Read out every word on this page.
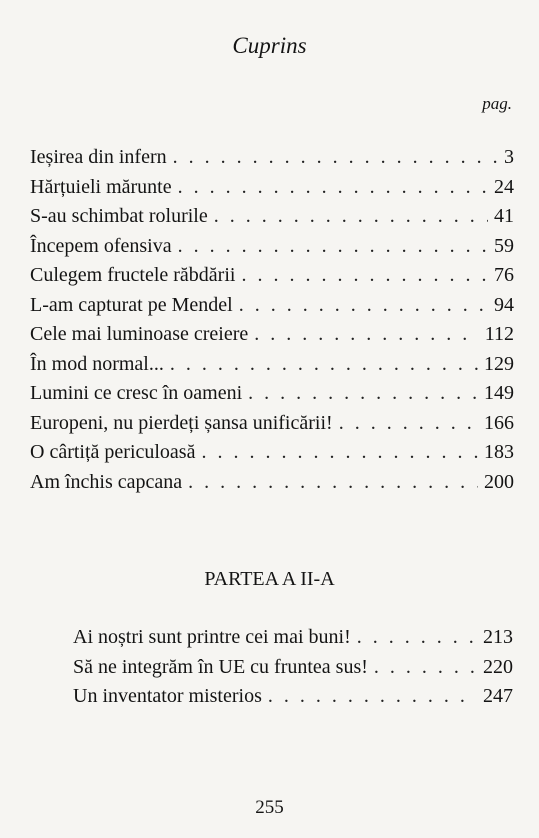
Cuprins
pag.
Ieșirea din infern . . .	3
Hărțuieli mărunte . . .	24
S-au schimbat rolurile . . .	41
Începem ofensiva . . .	59
Culegem fructele răbdării . . .	76
L-am capturat pe Mendel . . .	94
Cele mai luminoase creiere . . .	112
În mod normal... . . .	129
Lumini ce cresc în oameni . . .	149
Europeni, nu pierdeți șansa unificării! . . .	166
O cârtiță periculoasă . . .	183
Am închis capcana . . .	200
PARTEA A II-A
Ai noștri sunt printre cei mai buni! . . .	213
Să ne integrăm în UE cu fruntea sus! . . .	220
Un inventator misterios . . .	247
255
